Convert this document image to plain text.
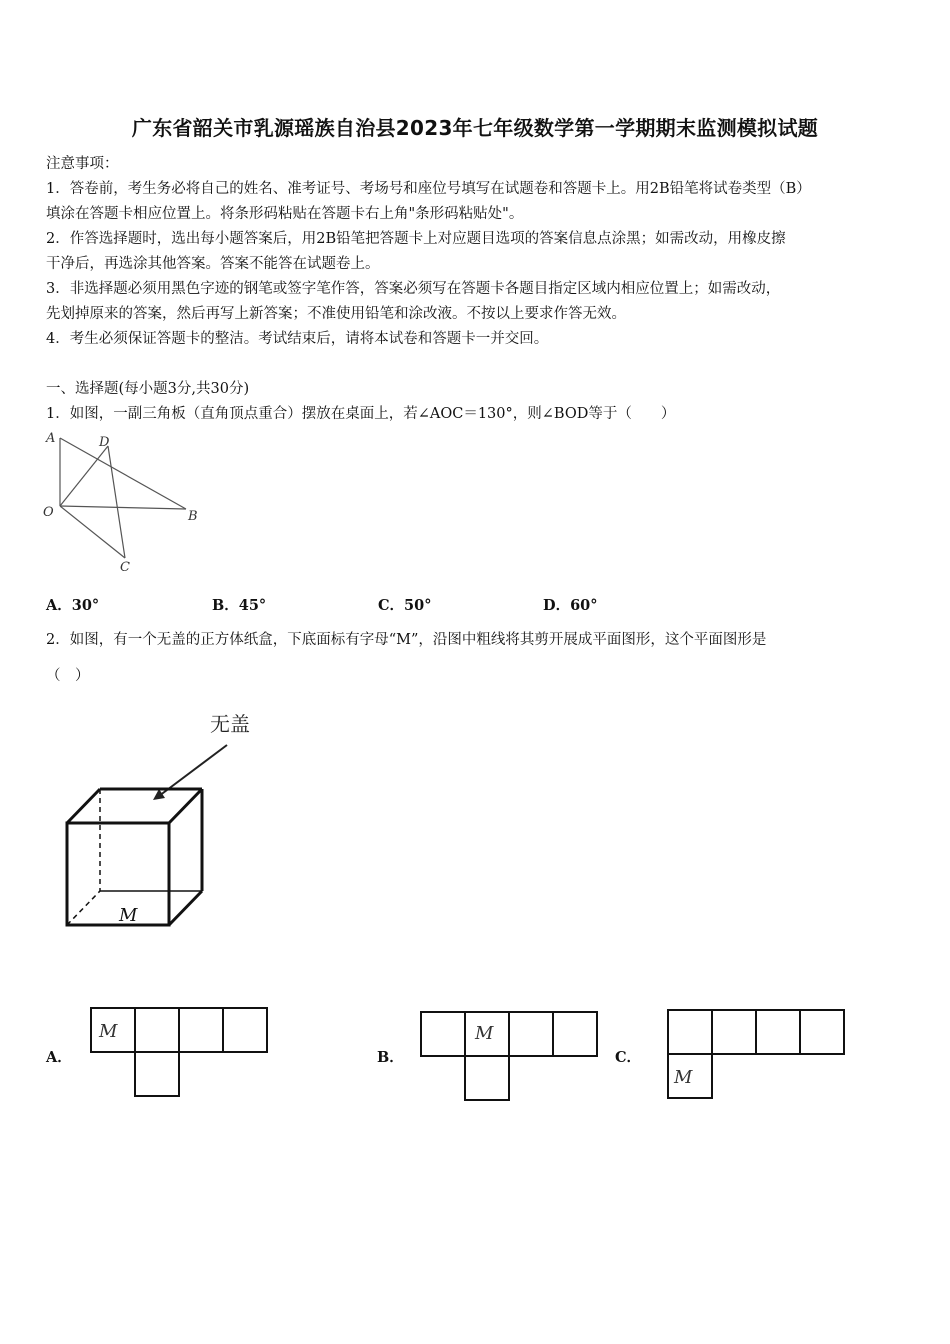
广东省韶关市乳源瑶族自治县2023年七年级数学第一学期期末监测模拟试题
注意事项：
1．答卷前，考生务必将自己的姓名、准考证号、考场号和座位号填写在试题卷和答题卡上。用2B铅笔将试卷类型（B）
填涂在答题卡相应位置上。将条形码粘贴在答题卡右上角"条形码粘贴处"。
2．作答选择题时，选出每小题答案后，用2B铅笔把答题卡上对应题目选项的答案信息点涂黑；如需改动，用橡皮擦
干净后，再选涂其他答案。答案不能答在试题卷上。
3．非选择题必须用黑色字迹的钢笔或签字笔作答，答案必须写在答题卡各题目指定区域内相应位置上；如需改动，
先划掉原来的答案，然后再写上新答案；不准使用铅笔和涂改液。不按以上要求作答无效。
4．考生必须保证答题卡的整洁。考试结束后，请将本试卷和答题卡一并交回。
一、选择题(每小题3分,共30分)
1．如图，一副三角板（直角顶点重合）摆放在桌面上，若∠AOC＝130°，则∠BOD等于（　　）
A	D
O	B
C
A．30°	B．45°	C．50°	D．60°
2．如图，有一个无盖的正方体纸盒，下底面标有字母“M”，沿图中粗线将其剪开展成平面图形，这个平面图形是
（　）
无盖
M
A．
M
B．
M
C．
M
